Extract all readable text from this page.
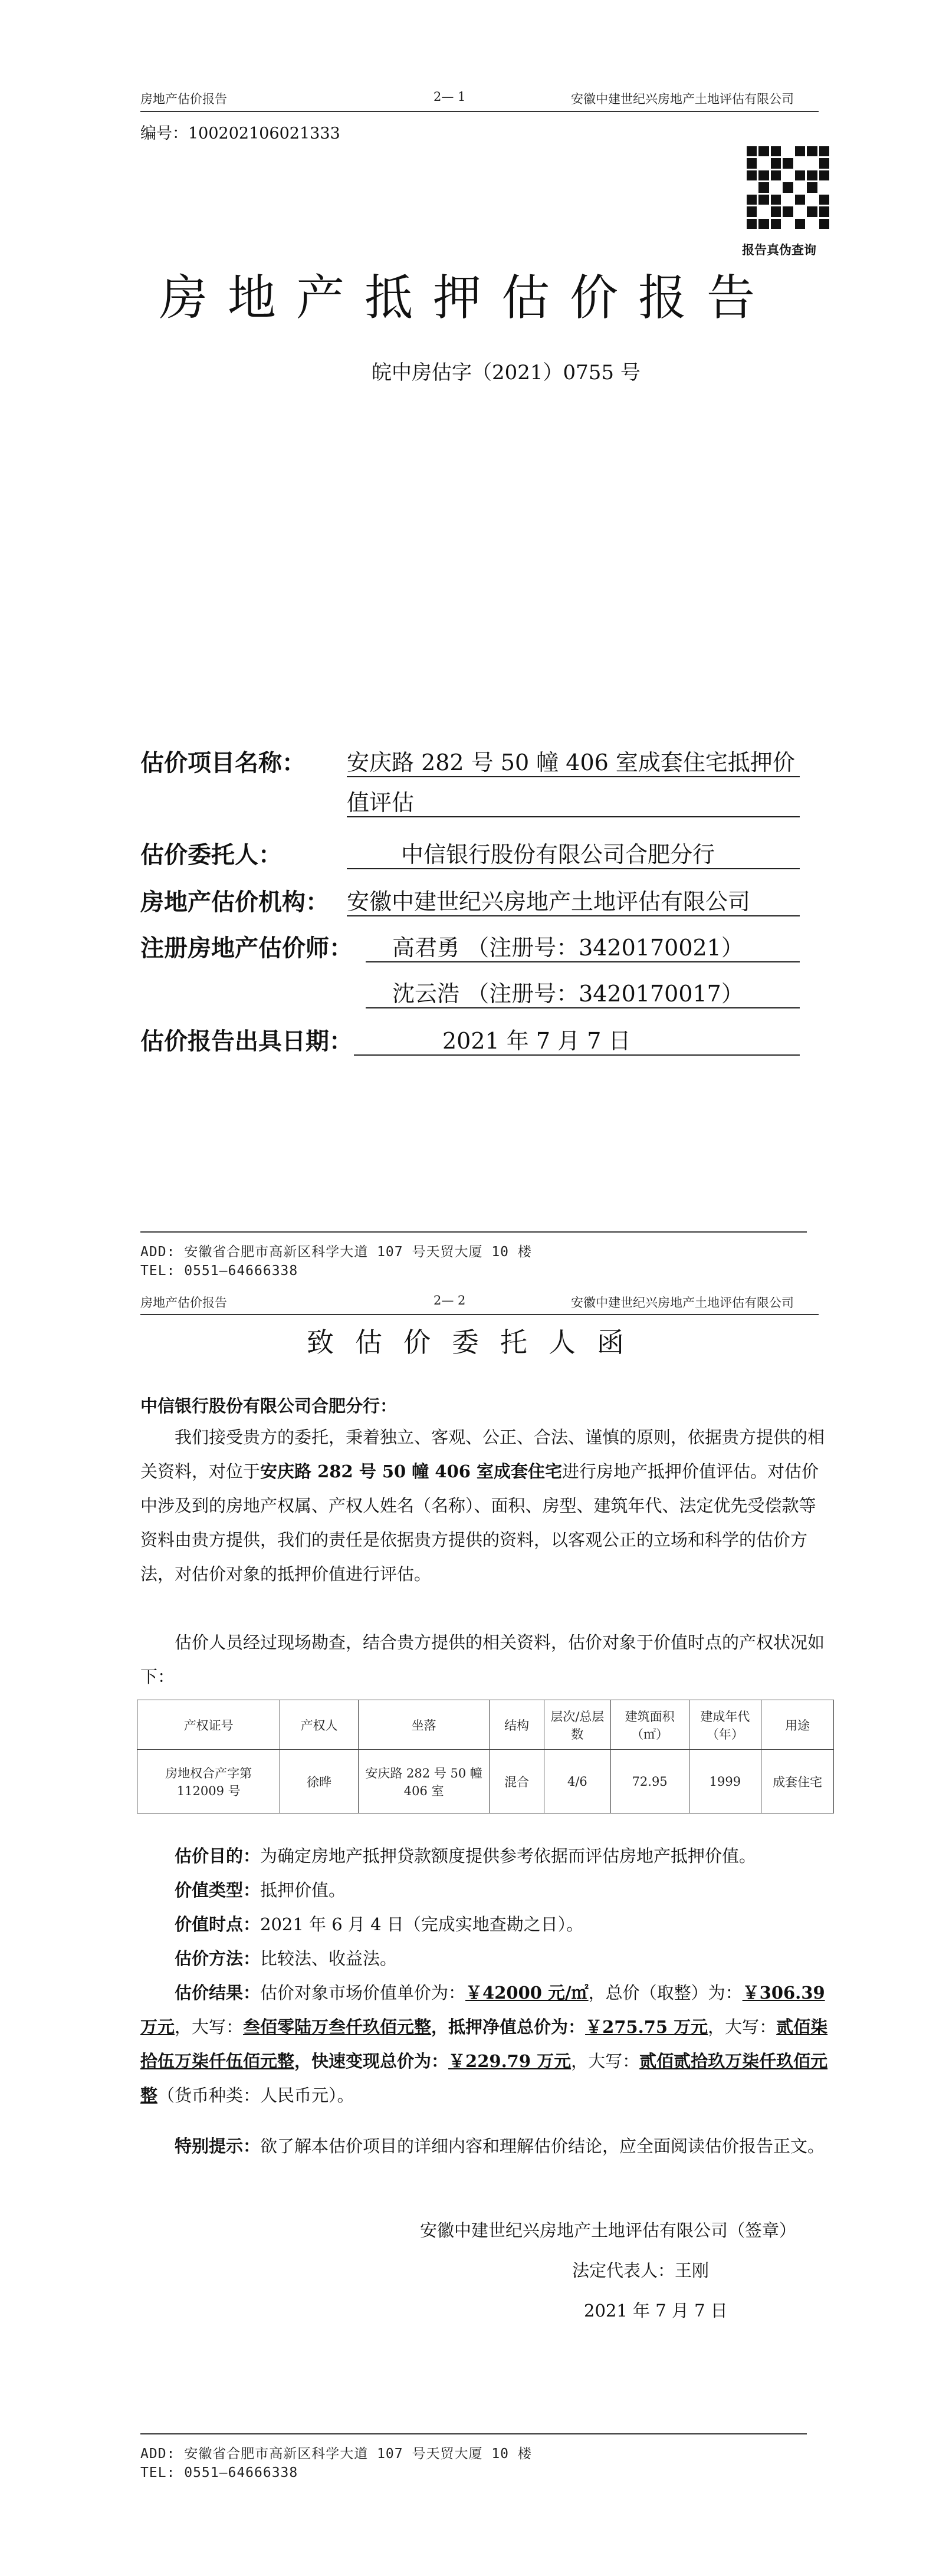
房地产估价报告	2— 1	安徽中建世纪兴房地产土地评估有限公司
编号：100202106021333
报告真伪查询
房地产抵押估价报告
皖中房估字（2021）0755 号
估价项目名称： 安庆路 282 号 50 幢 406 室成套住宅抵押价
值评估
估价委托人：	中信银行股份有限公司合肥分行
房地产估价机构： 安徽中建世纪兴房地产土地评估有限公司
注册房地产估价师： 高君勇 （注册号：3420170021）
沈云浩 （注册号：3420170017）
估价报告出具日期：	2021 年 7 月 7 日
ADD: 安徽省合肥市高新区科学大道 107 号天贸大厦 10 楼
TEL: 0551—64666338
房地产估价报告	2— 2	安徽中建世纪兴房地产土地评估有限公司
致估价委托人函
中信银行股份有限公司合肥分行：
我们接受贵方的委托，秉着独立、客观、公正、合法、谨慎的原则，依据贵方提供的相关资料，对位于安庆路 282 号 50 幢 406 室成套住宅进行房地产抵押价值评估。对估价中涉及到的房地产权属、产权人姓名（名称）、面积、房型、建筑年代、法定优先受偿款等资料由贵方提供，我们的责任是依据贵方提供的资料，以客观公正的立场和科学的估价方法，对估价对象的抵押价值进行评估。
估价人员经过现场勘查，结合贵方提供的相关资料，估价对象于价值时点的产权状况如下：
产权证号	产权人	坐落	结构	层次/总层数	建筑面积（㎡）	建成年代（年）	用途
房地权合产字第 112009 号	徐晔	安庆路 282 号 50 幢 406 室	混合	4/6	72.95	1999	成套住宅
估价目的：为确定房地产抵押贷款额度提供参考依据而评估房地产抵押价值。
价值类型：抵押价值。
价值时点：2021 年 6 月 4 日（完成实地查勘之日）。
估价方法：比较法、收益法。
估价结果：估价对象市场价值单价为：￥42000 元/㎡，总价（取整）为：￥306.39 万元，大写：叁佰零陆万叁仟玖佰元整，抵押净值总价为：￥275.75 万元，大写：贰佰柒拾伍万柒仟伍佰元整，快速变现总价为：￥229.79 万元，大写：贰佰贰拾玖万柒仟玖佰元整（货币种类：人民币元）。
特别提示：欲了解本估价项目的详细内容和理解估价结论，应全面阅读估价报告正文。
安徽中建世纪兴房地产土地评估有限公司（签章）
法定代表人：王刚
2021 年 7 月 7 日
ADD: 安徽省合肥市高新区科学大道 107 号天贸大厦 10 楼
TEL: 0551—64666338
